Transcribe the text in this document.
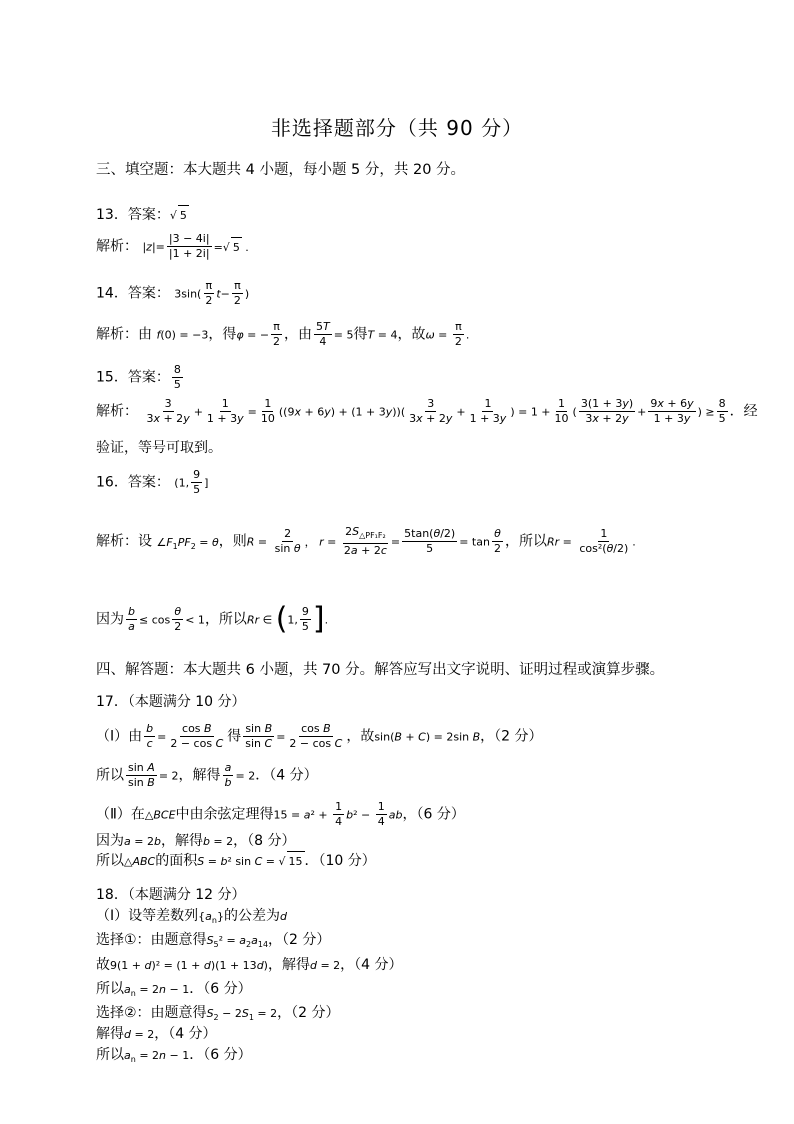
非选择题部分（共 90 分）
三、填空题：本大题共 4 小题，每小题 5 分，共 20 分。
13．答案：√ 5
解析： $|z|= \frac{|3 - 4i|}{|1 + 2i|}$ =√ 5 .
14．答案： $3\sin( \frac{\pi}{2} t- \frac{\pi}{2}$ )
解析：由 f(0) = −3，得φ = − $\frac{\pi}{2}$ ，由 $\frac{5T}{4} = 5$得T = 4，故$\omega = \frac{\pi}{2}$ .
15．答案： $\frac{8}{5}$
解析： $\frac{3}{3x + 2y} + \frac{1}{1 + 3y} = \frac{1}{10} ((9x + 6y) + (1 + 3y))( \frac{3}{3x + 2y} + \frac{1}{1 + 3y}$ ) = $1 + \frac{1}{10}$ ( $\frac{3(1 + 3y)}{3x + 2y} + \frac{9x + 6y}{1 + 3y}$ ) ≥ $\frac{8}{5}$ ．经
验证，等号可取到。
16．答案： (1, $\frac{9}{5}$ ]
解析：设 $\angle F_1PF_2 = \theta$，则$R = \frac{2}{\text{sin θ}}$ ， $r = \frac{2S_{\triangle PF_1F_2}}{2a + 2c} = \frac{5\tan(\theta/2)}{5} = \tan \frac{\theta}{2}$ ，所以$Rr = \frac{1}{\text{cos²(θ/2)}}$ .
因为 $\frac{b}{a} \le \cos \frac{\theta}{2} < 1$，所以Rr ∈ (1, $\frac{9}{5}$ ].
四、解答题：本大题共 6 小题，共 70 分。解答应写出文字说明、证明过程或演算步骤。
17．（本题满分 10 分）
（Ⅰ）由 $\frac{b}{c} = \frac{\text{cos B}}{\text{2 − cos C}}$ 得 $\frac{\text{sin B}}{\text{sin C}} = \frac{\text{cos B}}{\text{2 − cos C}}$ ，故sin(B + C) = 2sin B，（2 分）
所以 $\frac{\text{sin A}}{\text{sin B}} = 2$，解得 $\frac{a}{b} = 2$．（4 分）
（Ⅱ）在△BCE中由余弦定理得$15 = a^2 + \frac{1}{4} b^2 - \frac{1}{4}$ ab，（6 分）
因为a = 2b，解得b = 2，（8 分）
所以△ABC的面积S = b² sin C = √ 15 ．（10 分）
18．（本题满分 12 分）
（Ⅰ）设等差数列$\{a_n\}$的公差为d
选择①：由题意得$S_5^2 = a_2a_{14}$，（2 分）
故9(1 + d)² = (1 + d)(1 + 13d)，解得d = 2，（4 分）
所以$a_n = 2n - 1$．（6 分）
选择②：由题意得$S_2 - 2S_1 = 2$，（2 分）
解得d = 2，（4 分）
所以$a_n = 2n - 1$．（6 分）
